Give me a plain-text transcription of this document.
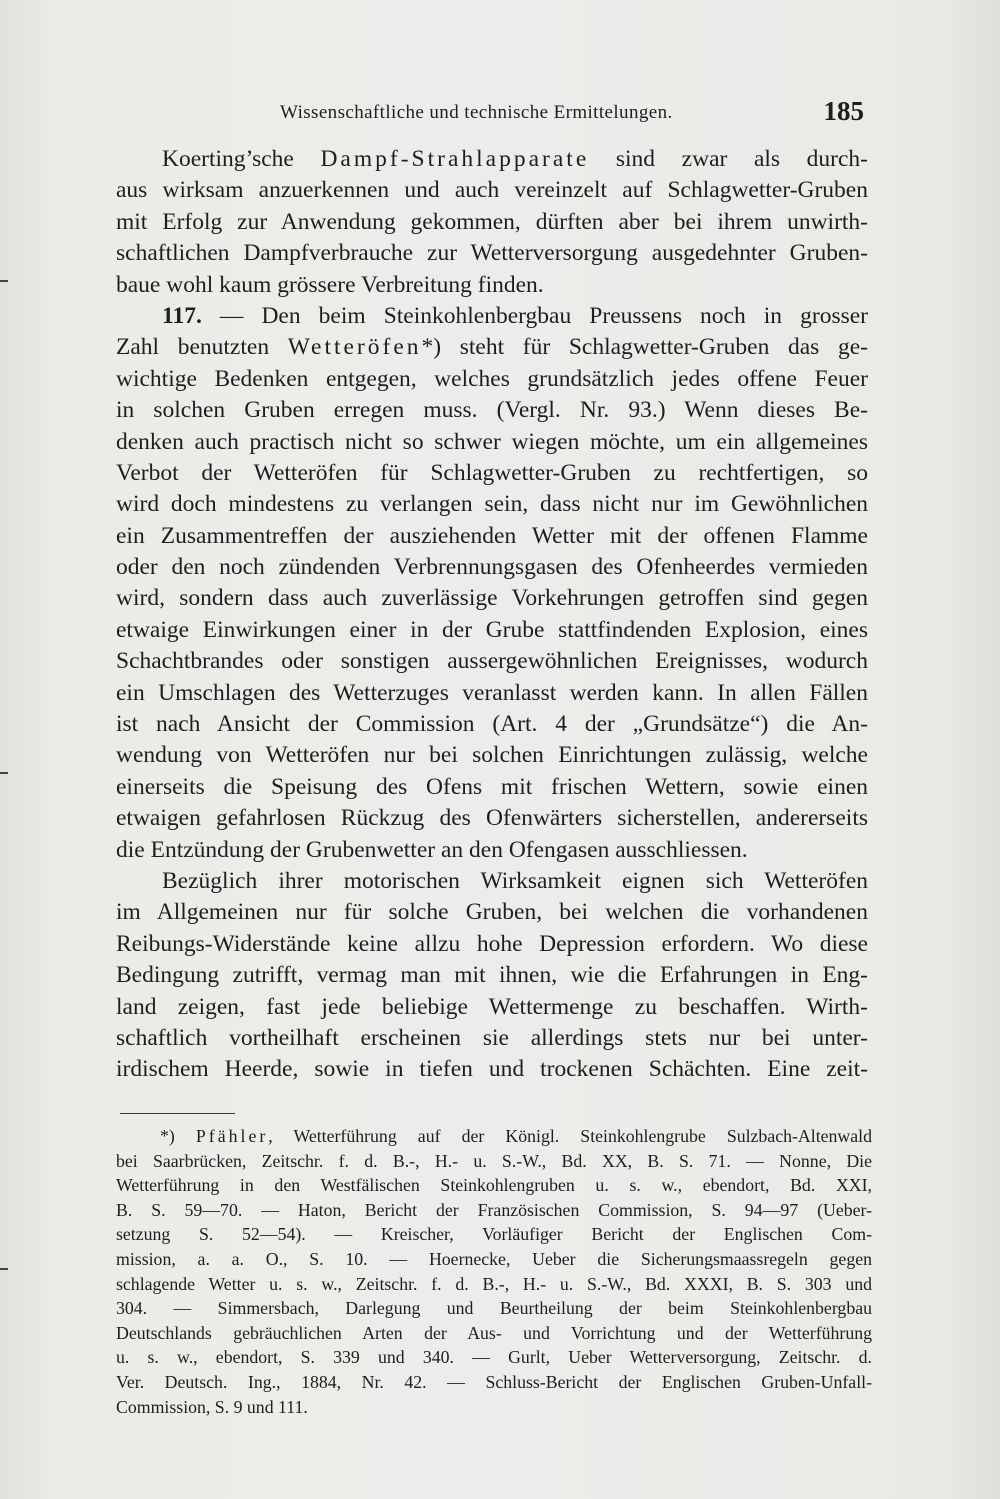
Wissenschaftliche und technische Ermittelungen.	185
Koerting’sche Dampf-Strahlapparate sind zwar als durch-
aus wirksam anzuerkennen und auch vereinzelt auf Schlagwetter-Gruben
mit Erfolg zur Anwendung gekommen, dürften aber bei ihrem unwirth-
schaftlichen Dampfverbrauche zur Wetterversorgung ausgedehnter Gruben-
baue wohl kaum grössere Verbreitung finden.
117. — Den beim Steinkohlenbergbau Preussens noch in grosser
Zahl benutzten Wetteröfen*) steht für Schlagwetter-Gruben das ge-
wichtige Bedenken entgegen, welches grundsätzlich jedes offene Feuer
in solchen Gruben erregen muss. (Vergl. Nr. 93.) Wenn dieses Be-
denken auch practisch nicht so schwer wiegen möchte, um ein allgemeines
Verbot der Wetteröfen für Schlagwetter-Gruben zu rechtfertigen, so
wird doch mindestens zu verlangen sein, dass nicht nur im Gewöhnlichen
ein Zusammentreffen der ausziehenden Wetter mit der offenen Flamme
oder den noch zündenden Verbrennungsgasen des Ofenheerdes vermieden
wird, sondern dass auch zuverlässige Vorkehrungen getroffen sind gegen
etwaige Einwirkungen einer in der Grube stattfindenden Explosion, eines
Schachtbrandes oder sonstigen aussergewöhnlichen Ereignisses, wodurch
ein Umschlagen des Wetterzuges veranlasst werden kann. In allen Fällen
ist nach Ansicht der Commission (Art. 4 der „Grundsätze“) die An-
wendung von Wetteröfen nur bei solchen Einrichtungen zulässig, welche
einerseits die Speisung des Ofens mit frischen Wettern, sowie einen
etwaigen gefahrlosen Rückzug des Ofenwärters sicherstellen, andererseits
die Entzündung der Grubenwetter an den Ofengasen ausschliessen.
Bezüglich ihrer motorischen Wirksamkeit eignen sich Wetteröfen
im Allgemeinen nur für solche Gruben, bei welchen die vorhandenen
Reibungs-Widerstände keine allzu hohe Depression erfordern. Wo diese
Bedingung zutrifft, vermag man mit ihnen, wie die Erfahrungen in Eng-
land zeigen, fast jede beliebige Wettermenge zu beschaffen. Wirth-
schaftlich vortheilhaft erscheinen sie allerdings stets nur bei unter-
irdischem Heerde, sowie in tiefen und trockenen Schächten. Eine zeit-
*) Pfähler, Wetterführung auf der Königl. Steinkohlengrube Sulzbach-Altenwald
bei Saarbrücken, Zeitschr. f. d. B.-, H.- u. S.-W., Bd. XX, B. S. 71. — Nonne, Die
Wetterführung in den Westfälischen Steinkohlengruben u. s. w., ebendort, Bd. XXI,
B. S. 59—70. — Haton, Bericht der Französischen Commission, S. 94—97 (Ueber-
setzung S. 52—54). — Kreischer, Vorläufiger Bericht der Englischen Com-
mission, a. a. O., S. 10. — Hoernecke, Ueber die Sicherungsmaassregeln gegen
schlagende Wetter u. s. w., Zeitschr. f. d. B.-, H.- u. S.-W., Bd. XXXI, B. S. 303 und
304. — Simmersbach, Darlegung und Beurtheilung der beim Steinkohlenbergbau
Deutschlands gebräuchlichen Arten der Aus- und Vorrichtung und der Wetterführung
u. s. w., ebendort, S. 339 und 340. — Gurlt, Ueber Wetterversorgung, Zeitschr. d.
Ver. Deutsch. Ing., 1884, Nr. 42. — Schluss-Bericht der Englischen Gruben-Unfall-
Commission, S. 9 und 111.
